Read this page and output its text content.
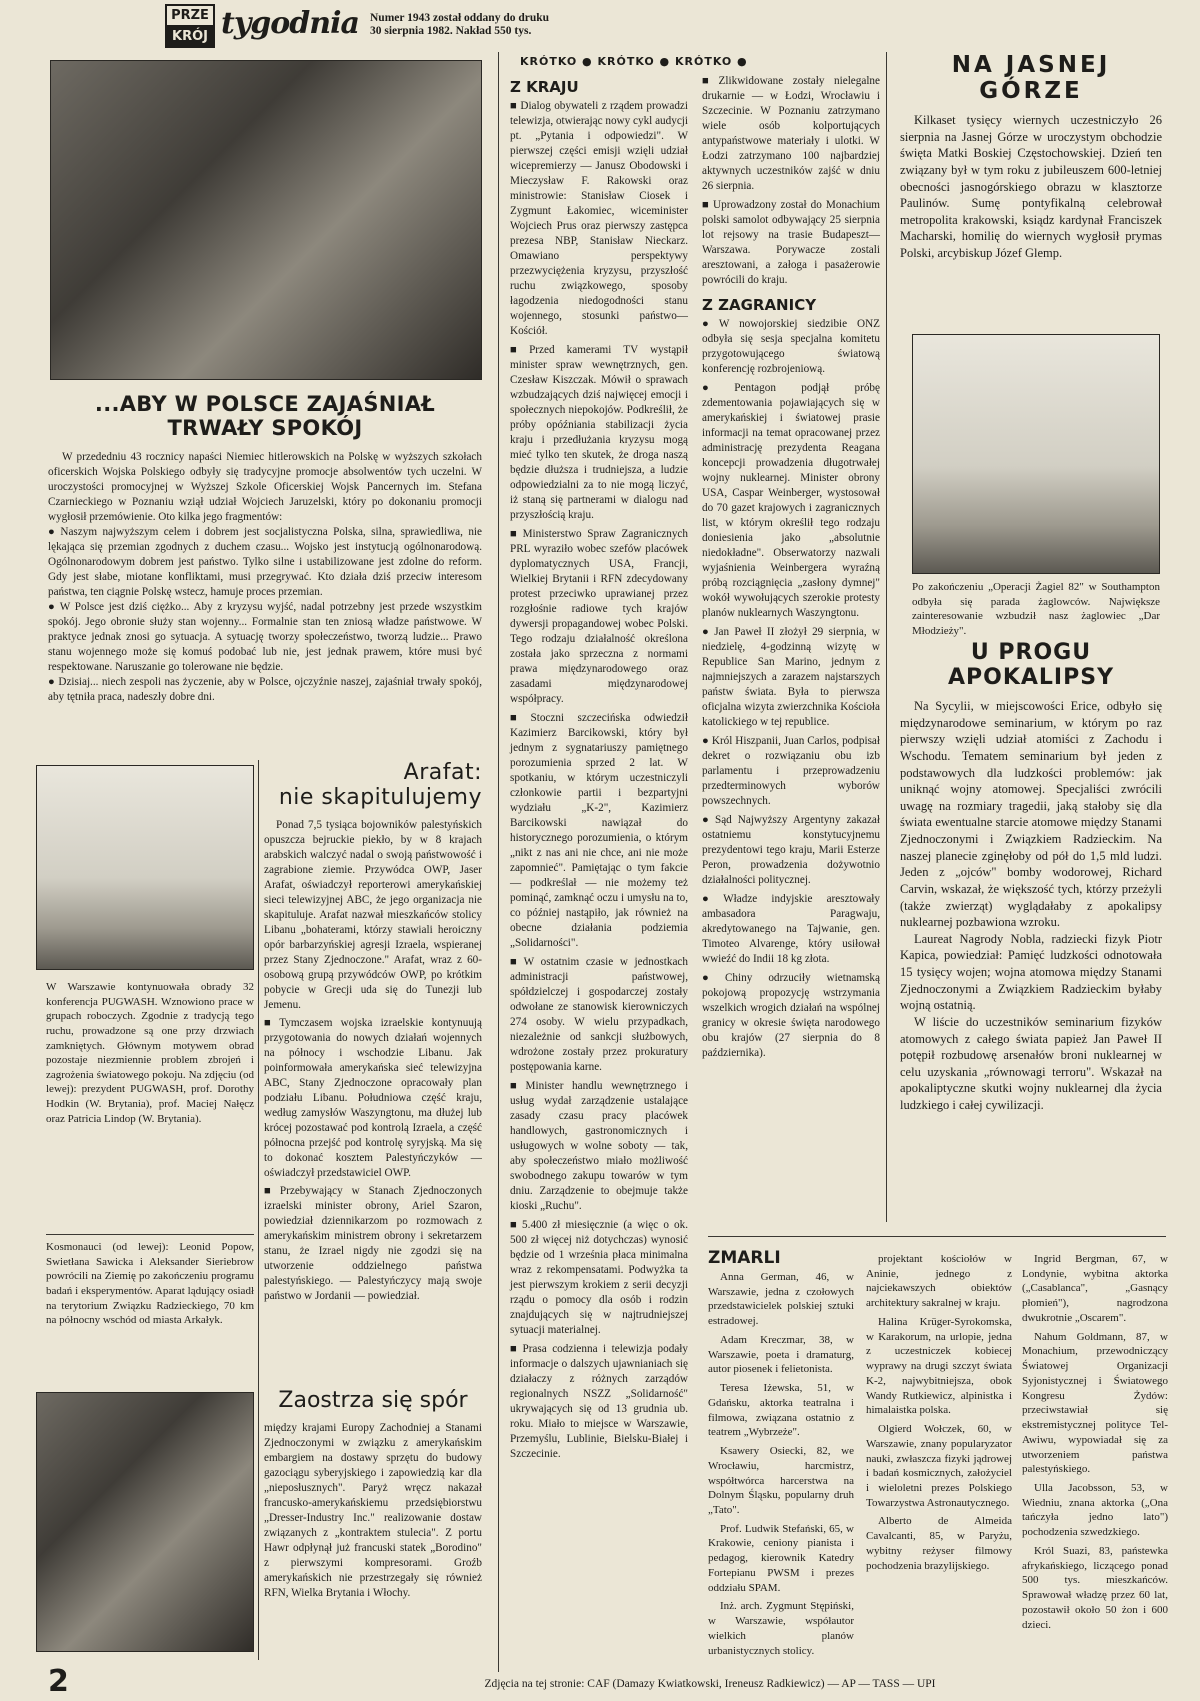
PRZE
KRÓJ tygodnia Numer 1943 został oddany do druku
30 sierpnia 1982. Nakład 550 tys.
...ABY W POLSCE ZAJAŚNIAŁ TRWAŁY SPOKÓJ

W przededniu 43 rocznicy napaści Niemiec hitlerowskich na Polskę w wyższych szkołach oficerskich Wojska Polskiego odbyły się tradycyjne promocje absolwentów tych uczelni. W uroczystości promocyjnej w Wyższej Szkole Oficerskiej Wojsk Pancernych im. Stefana Czarnieckiego w Poznaniu wziął udział Wojciech Jaruzelski, który po dokonaniu promocji wygłosił przemówienie. Oto kilka jego fragmentów:

● Naszym najwyższym celem i dobrem jest socjalistyczna Polska, silna, sprawiedliwa, nie lękająca się przemian zgodnych z duchem czasu... Wojsko jest instytucją ogólnonarodową. Ogólnonarodowym dobrem jest państwo. Tylko silne i ustabilizowane jest zdolne do reform. Gdy jest słabe, miotane konfliktami, musi przegrywać. Kto działa dziś przeciw interesom państwa, ten ciągnie Polskę wstecz, hamuje proces przemian.

● W Polsce jest dziś ciężko... Aby z kryzysu wyjść, nadal potrzebny jest przede wszystkim spokój. Jego obronie służy stan wojenny... Formalnie stan ten zniosą władze państwowe. W praktyce jednak znosi go sytuacja. A sytuację tworzy społeczeństwo, tworzą ludzie... Prawo stanu wojennego może się komuś podobać lub nie, jest jednak prawem, które musi być respektowane. Naruszanie go tolerowane nie będzie.

● Dzisiaj... niech zespoli nas życzenie, aby w Polsce, ojczyźnie naszej, zajaśniał trwały spokój, aby tętniła praca, nadeszły dobre dni.

W Warszawie kontynuowała obrady 32 konferencja PUGWASH. Wznowiono prace w grupach roboczych. Zgodnie z tradycją tego ruchu, prowadzone są one przy drzwiach zamkniętych. Głównym motywem obrad pozostaje niezmiennie problem zbrojeń i zagrożenia światowego pokoju. Na zdjęciu (od lewej): prezydent PUGWASH, prof. Dorothy Hodkin (W. Brytania), prof. Maciej Nałęcz oraz Patricia Lindop (W. Brytania).
Kosmonauci (od lewej): Leonid Popow, Swietłana Sawicka i Aleksander Sieriebrow powrócili na Ziemię po zakończeniu programu badań i eksperymentów. Aparat lądujący osiadł na terytorium Związku Radzieckiego, 70 km na północny wschód od miasta Arkałyk.
Arafat:
nie skapitulujemy

Ponad 7,5 tysiąca bojowników palestyńskich opuszcza bejruckie piekło, by w 8 krajach arabskich walczyć nadal o swoją państwowość i zagrabione ziemie. Przywódca OWP, Jaser Arafat, oświadczył reporterowi amerykańskiej sieci telewizyjnej ABC, że jego organizacja nie skapituluje. Arafat nazwał mieszkańców stolicy Libanu „bohaterami, którzy stawiali heroiczny opór barbarzyńskiej agresji Izraela, wspieranej przez Stany Zjednoczone." Arafat, wraz z 60-osobową grupą przywódców OWP, po krótkim pobycie w Grecji uda się do Tunezji lub Jemenu.

■ Tymczasem wojska izraelskie kontynuują przygotowania do nowych działań wojennych na północy i wschodzie Libanu. Jak poinformowała amerykańska sieć telewizyjna ABC, Stany Zjednoczone opracowały plan podziału Libanu. Południowa część kraju, według zamysłów Waszyngtonu, ma dłużej lub krócej pozostawać pod kontrolą Izraela, a część północna przejść pod kontrolę syryjską. Ma się to dokonać kosztem Palestyńczyków — oświadczył przedstawiciel OWP.

■ Przebywający w Stanach Zjednoczonych izraelski minister obrony, Ariel Szaron, powiedział dziennikarzom po rozmowach z amerykańskim ministrem obrony i sekretarzem stanu, że Izrael nigdy nie zgodzi się na utworzenie oddzielnego państwa palestyńskiego. — Palestyńczycy mają swoje państwo w Jordanii — powiedział.

Zaostrza się spór

między krajami Europy Zachodniej a Stanami Zjednoczonymi w związku z amerykańskim embargiem na dostawy sprzętu do budowy gazociągu syberyjskiego i zapowiedzią kar dla „nieposłusznych". Paryż wręcz nakazał francusko-amerykańskiemu przedsiębiorstwu „Dresser-Industry Inc." realizowanie dostaw związanych z „kontraktem stulecia". Z portu Hawr odpłynął już francuski statek „Borodino" z pierwszymi kompresorami. Groźb amerykańskich nie przestrzegały się również RFN, Wielka Brytania i Włochy.

KRÓTKO ● KRÓTKO ● KRÓTKO ●
Z KRAJU

■ Dialog obywateli z rządem prowadzi telewizja, otwierając nowy cykl audycji pt. „Pytania i odpowiedzi". W pierwszej części emisji wzięli udział wicepremierzy — Janusz Obodowski i Mieczysław F. Rakowski oraz ministrowie: Stanisław Ciosek i Zygmunt Łakomiec, wiceminister Wojciech Prus oraz pierwszy zastępca prezesa NBP, Stanisław Nieckarz. Omawiano perspektywy przezwyciężenia kryzysu, przyszłość ruchu związkowego, sposoby łagodzenia niedogodności stanu wojennego, stosunki państwo—Kościół.

■ Przed kamerami TV wystąpił minister spraw wewnętrznych, gen. Czesław Kiszczak. Mówił o sprawach wzbudzających dziś najwięcej emocji i społecznych niepokojów. Podkreślił, że próby opóźniania stabilizacji życia kraju i przedłużania kryzysu mogą mieć tylko ten skutek, że droga naszą będzie dłuższa i trudniejsza, a ludzie odpowiedzialni za to nie mogą liczyć, iż staną się partnerami w dialogu nad przyszłością kraju.

■ Ministerstwo Spraw Zagranicznych PRL wyraziło wobec szefów placówek dyplomatycznych USA, Francji, Wielkiej Brytanii i RFN zdecydowany protest przeciwko uprawianej przez rozgłośnie radiowe tych krajów dywersji propagandowej wobec Polski. Tego rodzaju działalność określona została jako sprzeczna z normami prawa międzynarodowego oraz zasadami międzynarodowej współpracy.

■ Stoczni szczecińska odwiedził Kazimierz Barcikowski, który był jednym z sygnatariuszy pamiętnego porozumienia sprzed 2 lat. W spotkaniu, w którym uczestniczyli członkowie partii i bezpartyjni wydziału „K-2", Kazimierz Barcikowski nawiązał do historycznego porozumienia, o którym „nikt z nas ani nie chce, ani nie może zapomnieć". Pamiętając o tym fakcie — podkreślał — nie możemy też pominąć, zamknąć oczu i umysłu na to, co później nastąpiło, jak również na obecne działania podziemia „Solidarności".

■ W ostatnim czasie w jednostkach administracji państwowej, spółdzielczej i gospodarczej zostały odwołane ze stanowisk kierowniczych 274 osoby. W wielu przypadkach, niezależnie od sankcji służbowych, wdrożone zostały przez prokuratury postępowania karne.

■ Minister handlu wewnętrznego i usług wydał zarządzenie ustalające zasady czasu pracy placówek handlowych, gastronomicznych i usługowych w wolne soboty — tak, aby społeczeństwo miało możliwość swobodnego zakupu towarów w tym dniu. Zarządzenie to obejmuje także kioski „Ruchu".

■ 5.400 zł miesięcznie (a więc o ok. 500 zł więcej niż dotychczas) wynosić będzie od 1 września płaca minimalna wraz z rekompensatami. Podwyżka ta jest pierwszym krokiem z serii decyzji rządu o pomocy dla osób i rodzin znajdujących się w najtrudniejszej sytuacji materialnej.

■ Prasa codzienna i telewizja podały informacje o dalszych ujawnianiach się działaczy z różnych zarządów regionalnych NSZZ „Solidarność" ukrywających się od 13 grudnia ub. roku. Miało to miejsce w Warszawie, Przemyślu, Lublinie, Bielsku-Białej i Szczecinie.

■ Zlikwidowane zostały nielegalne drukarnie — w Łodzi, Wrocławiu i Szczecinie. W Poznaniu zatrzymano wiele osób kolportujących antypaństwowe materiały i ulotki. W Łodzi zatrzymano 100 najbardziej aktywnych uczestników zajść w dniu 26 sierpnia.

■ Uprowadzony został do Monachium polski samolot odbywający 25 sierpnia lot rejsowy na trasie Budapeszt—Warszawa. Porywacze zostali aresztowani, a załoga i pasażerowie powrócili do kraju.

Z ZAGRANICY

● W nowojorskiej siedzibie ONZ odbyła się sesja specjalna komitetu przygotowującego światową konferencję rozbrojeniową.

● Pentagon podjął próbę zdementowania pojawiających się w amerykańskiej i światowej prasie informacji na temat opracowanej przez administrację prezydenta Reagana koncepcji prowadzenia długotrwałej wojny nuklearnej. Minister obrony USA, Caspar Weinberger, wystosował do 70 gazet krajowych i zagranicznych list, w którym określił tego rodzaju doniesienia jako „absolutnie niedokładne". Obserwatorzy nazwali wyjaśnienia Weinbergera wyraźną próbą rozciągnięcia „zasłony dymnej" wokół wywołujących szerokie protesty planów nuklearnych Waszyngtonu.

● Jan Paweł II złożył 29 sierpnia, w niedzielę, 4-godzinną wizytę w Republice San Marino, jednym z najmniejszych a zarazem najstarszych państw świata. Była to pierwsza oficjalna wizyta zwierzchnika Kościoła katolickiego w tej republice.

● Król Hiszpanii, Juan Carlos, podpisał dekret o rozwiązaniu obu izb parlamentu i przeprowadzeniu przedterminowych wyborów powszechnych.

● Sąd Najwyższy Argentyny zakazał ostatniemu konstytucyjnemu prezydentowi tego kraju, Marii Esterze Peron, prowadzenia dożywotnio działalności politycznej.

● Władze indyjskie aresztowały ambasadora Paragwaju, akredytowanego na Tajwanie, gen. Timoteo Alvarenge, który usiłował wwieźć do Indii 18 kg złota.

● Chiny odrzuciły wietnamską pokojową propozycję wstrzymania wszelkich wrogich działań na wspólnej granicy w okresie święta narodowego obu krajów (27 sierpnia do 8 października).

NA JASNEJ GÓRZE

Kilkaset tysięcy wiernych uczestniczyło 26 sierpnia na Jasnej Górze w uroczystym obchodzie święta Matki Boskiej Częstochowskiej. Dzień ten związany był w tym roku z jubileuszem 600-letniej obecności jasnogórskiego obrazu w klasztorze Paulinów. Sumę pontyfikalną celebrował metropolita krakowski, ksiądz kardynał Franciszek Macharski, homilię do wiernych wygłosił prymas Polski, arcybiskup Józef Glemp.

Po zakończeniu „Operacji Żagiel 82" w Southampton odbyła się parada żaglowców. Największe zainteresowanie wzbudził nasz żaglowiec „Dar Młodzieży".
U PROGU APOKALIPSY

Na Sycylii, w miejscowości Erice, odbyło się międzynarodowe seminarium, w którym po raz pierwszy wzięli udział atomiści z Zachodu i Wschodu. Tematem seminarium był jeden z podstawowych dla ludzkości problemów: jak uniknąć wojny atomowej. Specjaliści zwrócili uwagę na rozmiary tragedii, jaką stałoby się dla świata ewentualne starcie atomowe między Stanami Zjednoczonymi i Związkiem Radzieckim. Na naszej planecie zginęłoby od pół do 1,5 mld ludzi. Jeden z „ojców" bomby wodorowej, Richard Carvin, wskazał, że większość tych, którzy przeżyli (także zwierząt) wyglądałaby z apokalipsy nuklearnej pozbawiona wzroku.

Laureat Nagrody Nobla, radziecki fizyk Piotr Kapica, powiedział: Pamięć ludzkości odnotowała 15 tysięcy wojen; wojna atomowa między Stanami Zjednoczonymi a Związkiem Radzieckim byłaby wojną ostatnią.

W liście do uczestników seminarium fizyków atomowych z całego świata papież Jan Paweł II potępił rozbudowę arsenałów broni nuklearnej w celu uzyskania „równowagi terroru". Wskazał na apokaliptyczne skutki wojny nuklearnej dla życia ludzkiego i całej cywilizacji.

ZMARLI

Anna German, 46, w Warszawie, jedna z czołowych przedstawicielek polskiej sztuki estradowej.

Adam Kreczmar, 38, w Warszawie, poeta i dramaturg, autor piosenek i felietonista.

Teresa Iżewska, 51, w Gdańsku, aktorka teatralna i filmowa, związana ostatnio z teatrem „Wybrzeże".

Ksawery Osiecki, 82, we Wrocławiu, harcmistrz, współtwórca harcerstwa na Dolnym Śląsku, popularny druh „Tato".

Prof. Ludwik Stefański, 65, w Krakowie, ceniony pianista i pedagog, kierownik Katedry Fortepianu PWSM i prezes oddziału SPAM.

Inż. arch. Zygmunt Stępiński, w Warszawie, współautor wielkich planów urbanistycznych stolicy.

projektant kościołów w Aninie, jednego z najciekawszych obiektów architektury sakralnej w kraju.

Halina Krüger-Syrokomska, w Karakorum, na urlopie, jedna z uczestniczek kobiecej wyprawy na drugi szczyt świata K-2, najwybitniejsza, obok Wandy Rutkiewicz, alpinistka i himalaistka polska.

Olgierd Wołczek, 60, w Warszawie, znany popularyzator nauki, zwłaszcza fizyki jądrowej i badań kosmicznych, założyciel i wieloletni prezes Polskiego Towarzystwa Astronautycznego.

Alberto de Almeida Cavalcanti, 85, w Paryżu, wybitny reżyser filmowy pochodzenia brazylijskiego.

Ingrid Bergman, 67, w Londynie, wybitna aktorka („Casablanca", „Gasnący płomień"), nagrodzona dwukrotnie „Oscarem".

Nahum Goldmann, 87, w Monachium, przewodniczący Światowej Organizacji Syjonistycznej i Światowego Kongresu Żydów: przeciwstawiał się ekstremistycznej polityce Tel-Awiwu, wypowiadał się za utworzeniem państwa palestyńskiego.

Ulla Jacobsson, 53, w Wiedniu, znana aktorka („Ona tańczyła jedno lato") pochodzenia szwedzkiego.

Król Suazi, 83, państewka afrykańskiego, liczącego ponad 500 tys. mieszkańców. Sprawował władzę przez 60 lat, pozostawił około 50 żon i 600 dzieci.

2	Zdjęcia na tej stronie: CAF (Damazy Kwiatkowski, Ireneusz Radkiewicz) — AP — TASS — UPI
